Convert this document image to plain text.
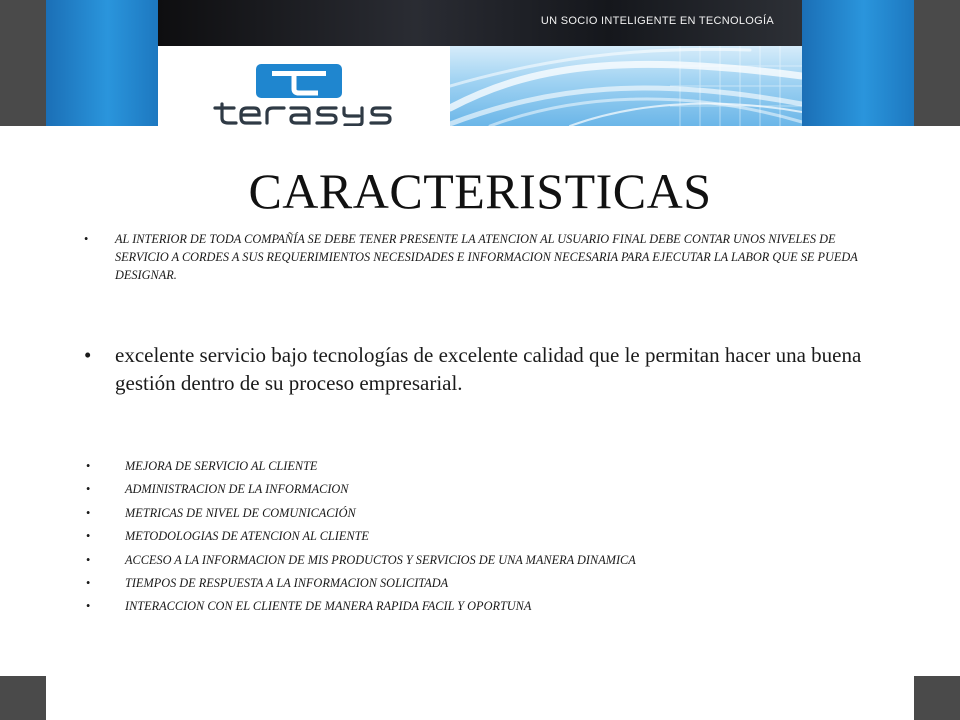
UN SOCIO INTELIGENTE EN TECNOLOGÍA
CARACTERISTICAS
• AL INTERIOR DE TODA COMPAÑÍA SE DEBE TENER PRESENTE LA ATENCION AL USUARIO FINAL DEBE CONTAR UNOS NIVELES DE SERVICIO A CORDES A SUS REQUERIMIENTOS NECESIDADES E INFORMACION NECESARIA PARA EJECUTAR LA LABOR QUE SE PUEDA DESIGNAR.
• excelente servicio bajo tecnologías de excelente calidad que le permitan hacer una buena gestión dentro de su proceso empresarial.
•	MEJORA DE SERVICIO AL CLIENTE
•	ADMINISTRACION DE LA INFORMACION
•	METRICAS DE NIVEL DE COMUNICACIÓN
•	METODOLOGIAS DE ATENCION AL CLIENTE
•	ACCESO A LA INFORMACION DE MIS PRODUCTOS Y SERVICIOS DE UNA MANERA DINAMICA
•	TIEMPOS DE RESPUESTA A LA INFORMACION SOLICITADA
•	INTERACCION CON EL CLIENTE DE MANERA RAPIDA FACIL Y OPORTUNA
